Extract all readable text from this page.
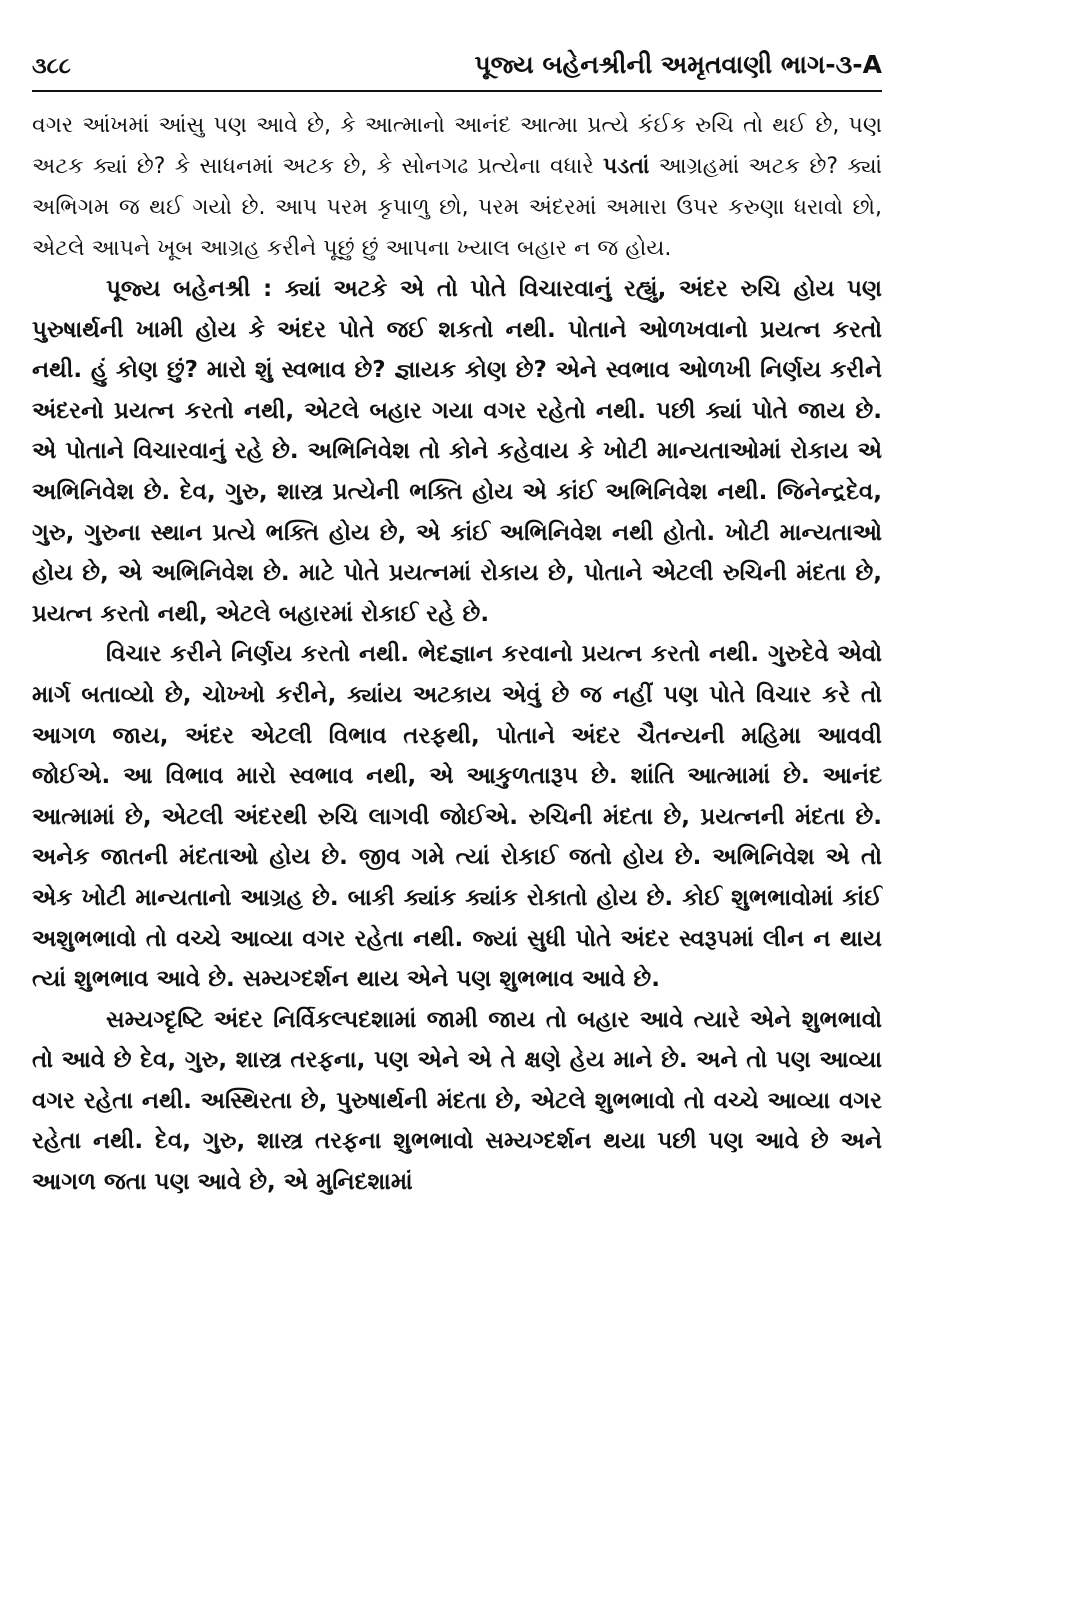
૩૮૮	પૂજ્ય બહેનશ્રીની અમૃતવાણી ભાગ-૩-A

વગર આંખમાં આંસુ પણ આવે છે, કે આત્માનો આનંદ આત્મા પ્રત્યે કંઈક રુચિ તો થઈ છે, પણ અટક ક્યાં છે? કે સાધનમાં અટક છે, કે સોનગઢ પ્રત્યેના વધારે પડતાં આગ્રહમાં અટક છે? ક્યાં અભિગમ જ થઈ ગયો છે. આપ પરમ કૃપાળુ છો, પરમ અંદરમાં અમારા ઉપર કરુણા ધરાવો છો, એટલે આપને ખૂબ આગ્રહ કરીને પૂછું છું આપના ખ્યાલ બહાર ન જ હોય.

પૂજ્ય બહેનશ્રી : ક્યાં અટકે એ તો પોતે વિચારવાનું રહ્યું, અંદર રુચિ હોય પણ પુરુષાર્થની ખામી હોય કે અંદર પોતે જઈ શકતો નથી. પોતાને ઓળખવાનો પ્રયત્ન કરતો નથી. હું કોણ છું? મારો શું સ્વભાવ છે? જ્ઞાયક કોણ છે? એને સ્વભાવ ઓળખી નિર્ણય કરીને અંદરનો પ્રયત્ન કરતો નથી, એટલે બહાર ગયા વગર રહેતો નથી. પછી ક્યાં પોતે જાય છે. એ પોતાને વિચારવાનું રહે છે. અભિનિવેશ તો કોને કહેવાય કે ખોટી માન્યતાઓમાં રોકાય એ અભિનિવેશ છે. દેવ, ગુરુ, શાસ્ત્ર પ્રત્યેની ભક્તિ હોય એ કાંઈ અભિનિવેશ નથી. જિનેન્દ્રદેવ, ગુરુ, ગુરુના સ્થાન પ્રત્યે ભક્તિ હોય છે, એ કાંઈ અભિનિવેશ નથી હોતો. ખોટી માન્યતાઓ હોય છે, એ અભિનિવેશ છે. માટે પોતે પ્રયત્નમાં રોકાય છે, પોતાને એટલી રુચિની મંદતા છે, પ્રયત્ન કરતો નથી, એટલે બહારમાં રોકાઈ રહે છે.

વિચાર કરીને નિર્ણય કરતો નથી. ભેદજ્ઞાન કરવાનો પ્રયત્ન કરતો નથી. ગુરુદેવે એવો માર્ગ બતાવ્યો છે, ચોખ્ખો કરીને, ક્યાંય અટકાય એવું છે જ નહીં પણ પોતે વિચાર કરે તો આગળ જાય, અંદર એટલી વિભાવ તરફથી, પોતાને અંદર ચૈતન્યની મહિમા આવવી જોઈએ. આ વિભાવ મારો સ્વભાવ નથી, એ આકુળતારૂપ છે. શાંતિ આત્મામાં છે. આનંદ આત્મામાં છે, એટલી અંદરથી રુચિ લાગવી જોઈએ. રુચિની મંદતા છે, પ્રયત્નની મંદતા છે. અનેક જાતની મંદતાઓ હોય છે. જીવ ગમે ત્યાં રોકાઈ જતો હોય છે. અભિનિવેશ એ તો એક ખોટી માન્યતાનો આગ્રહ છે. બાકી ક્યાંક ક્યાંક રોકાતો હોય છે. કોઈ શુભભાવોમાં કાંઈ અશુભભાવો તો વચ્ચે આવ્યા વગર રહેતા નથી. જ્યાં સુધી પોતે અંદર સ્વરૂપમાં લીન ન થાય ત્યાં શુભભાવ આવે છે. સમ્યગ્દર્શન થાય એને પણ શુભભાવ આવે છે.

સમ્યગ્દૃષ્ટિ અંદર નિર્વિકલ્પદશામાં જામી જાય તો બહાર આવે ત્યારે એને શુભભાવો તો આવે છે દેવ, ગુરુ, શાસ્ત્ર તરફના, પણ એને એ તે ક્ષણે હેય માને છે. અને તો પણ આવ્યા વગર રહેતા નથી. અસ્થિરતા છે, પુરુષાર્થની મંદતા છે, એટલે શુભભાવો તો વચ્ચે આવ્યા વગર રહેતા નથી. દેવ, ગુરુ, શાસ્ત્ર તરફના શુભભાવો સમ્યગ્દર્શન થયા પછી પણ આવે છે અને આગળ જતા પણ આવે છે, એ મુનિદશામાં
